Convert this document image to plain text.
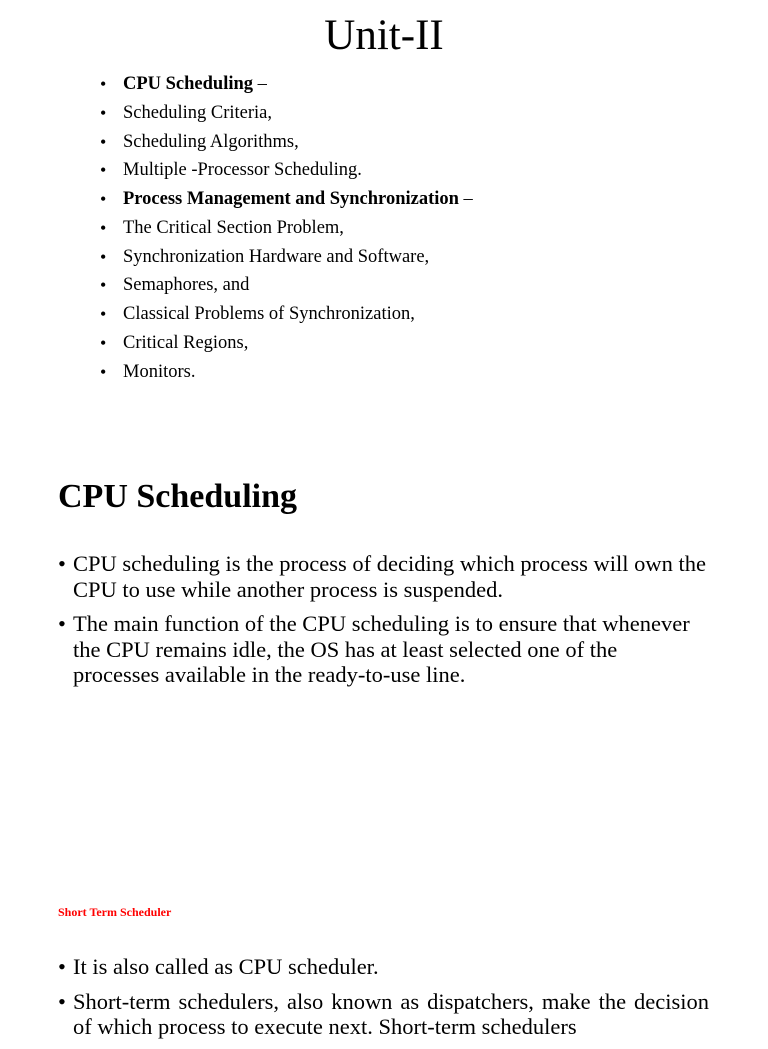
Unit-II
• CPU Scheduling –
• Scheduling Criteria,
• Scheduling Algorithms,
• Multiple -Processor Scheduling.
• Process Management and Synchronization –
• The Critical Section Problem,
• Synchronization Hardware and Software,
• Semaphores, and
• Classical Problems of Synchronization,
• Critical Regions,
• Monitors.
CPU Scheduling
• CPU scheduling is the process of deciding which process will own the CPU to use while another process is suspended.
• The main function of the CPU scheduling is to ensure that whenever the CPU remains idle, the OS has at least selected one of the processes available in the ready-to-use line.
Short Term Scheduler
• It is also called as CPU scheduler.
• Short-term schedulers, also known as dispatchers, make the decision of which process to execute next. Short-term schedulers
